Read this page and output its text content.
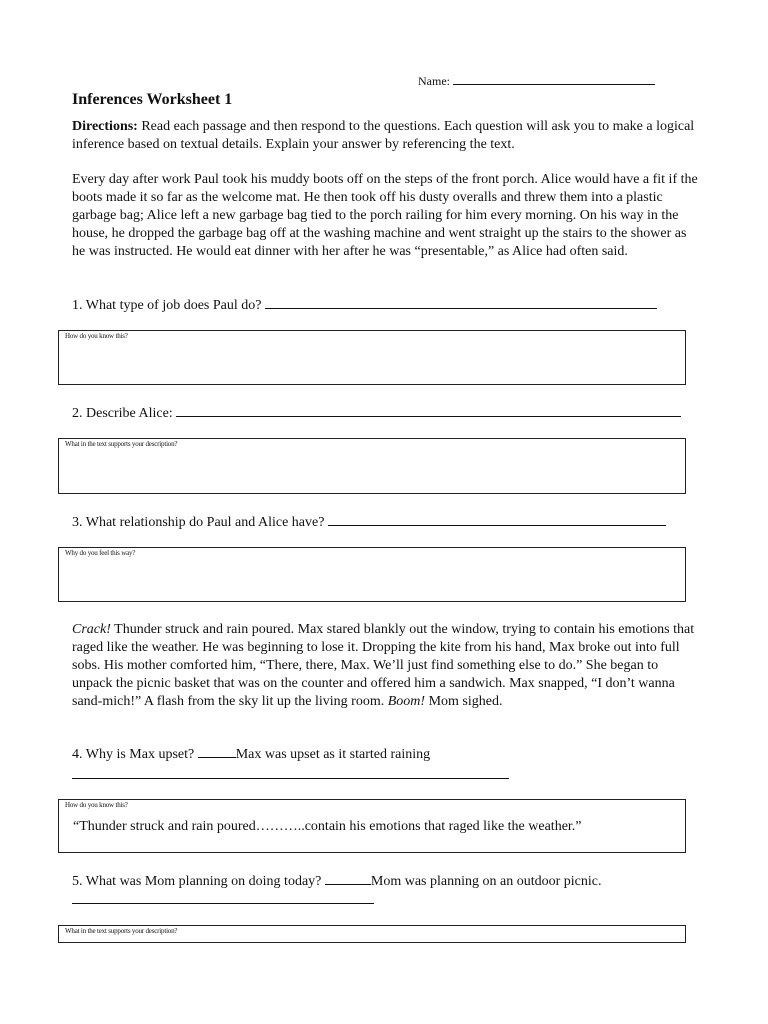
Name:
Inferences Worksheet 1

Directions: Read each passage and then respond to the questions. Each question will ask you to make a logical inference based on textual details. Explain your answer by referencing the text.

Every day after work Paul took his muddy boots off on the steps of the front porch. Alice would have a fit if the boots made it so far as the welcome mat. He then took off his dusty overalls and threw them into a plastic garbage bag; Alice left a new garbage bag tied to the porch railing for him every morning. On his way in the house, he dropped the garbage bag off at the washing machine and went straight up the stairs to the shower as he was instructed. He would eat dinner with her after he was “presentable,” as Alice had often said.

1. What type of job does Paul do?
How do you know this?
2. Describe Alice:
What in the text supports your description?
3. What relationship do Paul and Alice have?
Why do you feel this way?

Crack! Thunder struck and rain poured. Max stared blankly out the window, trying to contain his emotions that raged like the weather. He was beginning to lose it. Dropping the kite from his hand, Max broke out into full sobs. His mother comforted him, “There, there, Max. We’ll just find something else to do.” She began to unpack the picnic basket that was on the counter and offered him a sandwich. Max snapped, “I don’t wanna sand-mich!” A flash from the sky lit up the living room. Boom! Mom sighed.

4. Why is Max upset?	Max was upset as it started raining
How do you know this?
“Thunder struck and rain poured………..contain his emotions that raged like the weather.”
5. What was Mom planning on doing today?	Mom was planning on an outdoor picnic.
What in the text supports your description?
